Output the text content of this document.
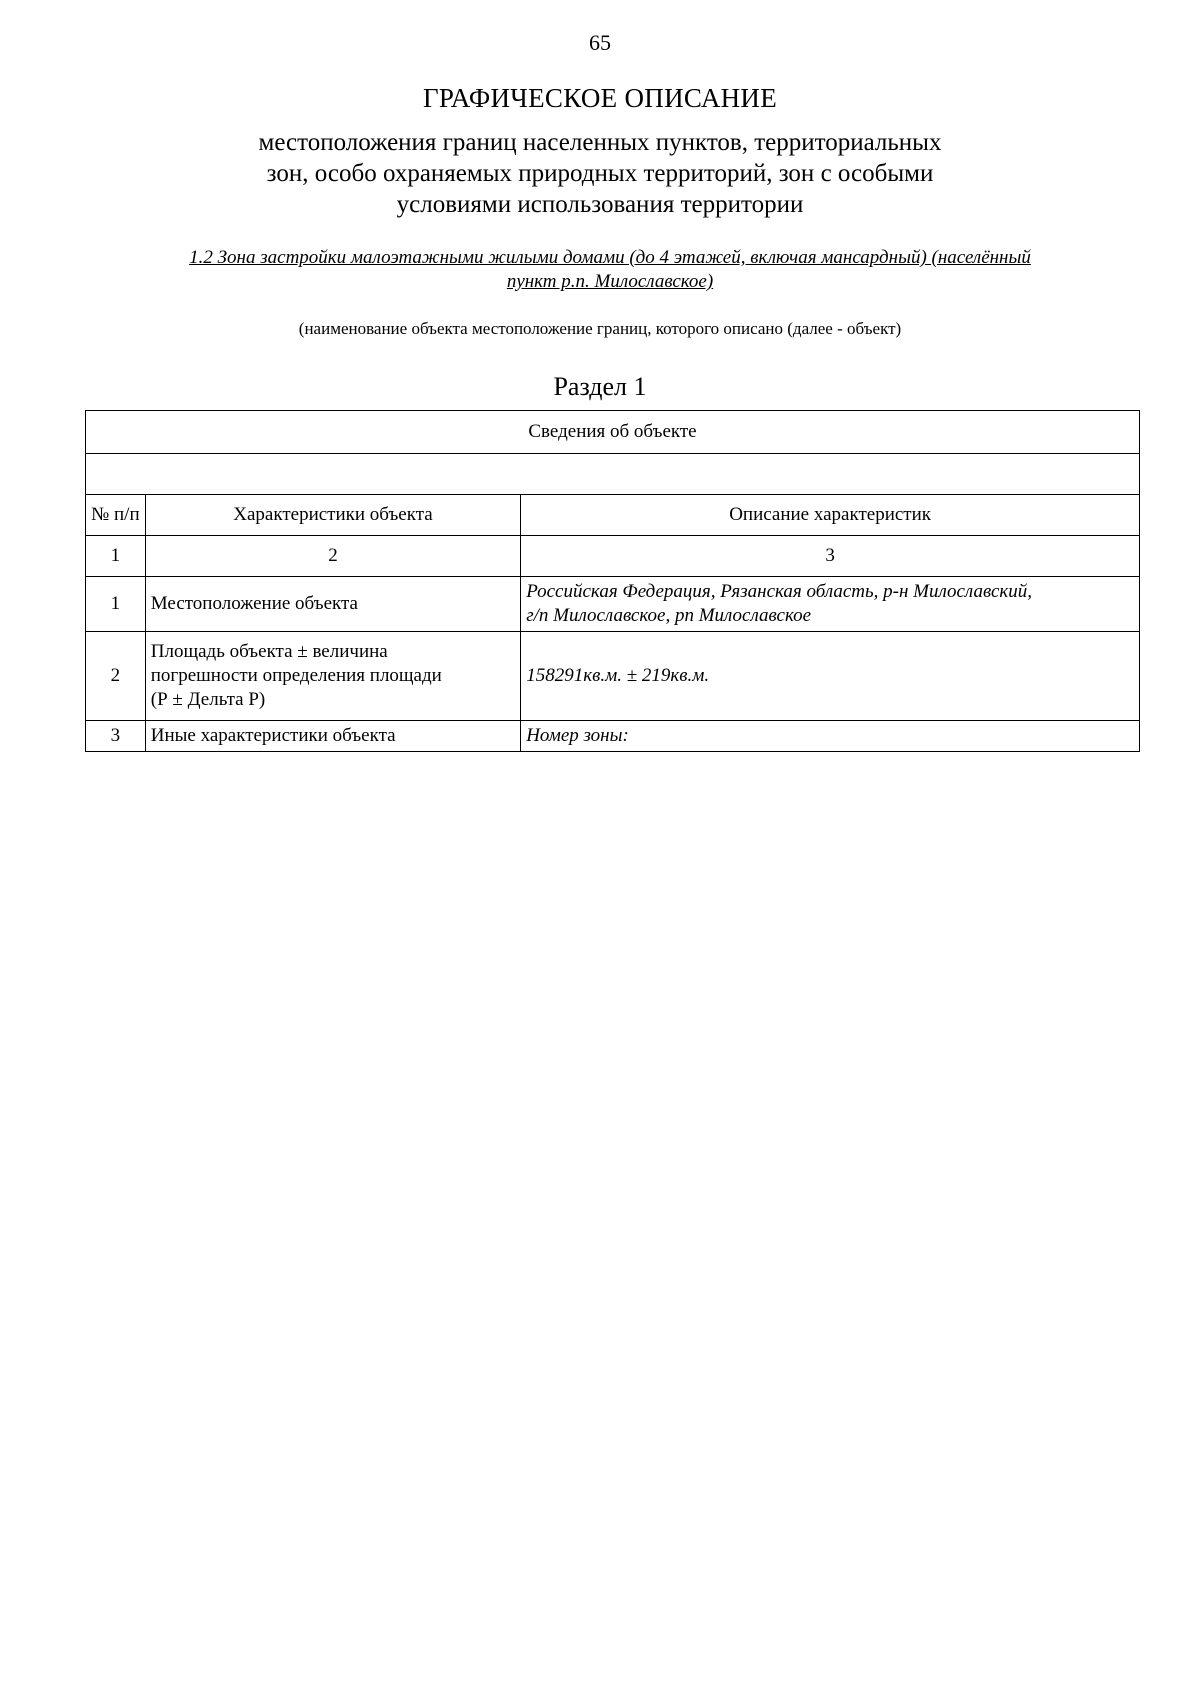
65
ГРАФИЧЕСКОЕ ОПИСАНИЕ
местоположения границ населенных пунктов, территориальных
зон, особо охраняемых природных территорий, зон с особыми
условиями использования территории
1.2 Зона застройки малоэтажными жилыми домами (до 4 этажей, включая мансардный) (населённый
пункт р.п. Милославское)
(наименование объекта местоположение границ, которого описано (далее - объект)
Раздел 1
Сведения об объекте		

№ п/п	Характеристики объекта	Описание характеристик
1	2	3
1	Местоположение объекта	Российская Федерация, Рязанская область, р-н Милославский,
г/п Милославское, рп Милославское

2	Площадь объекта ± величина
погрешности определения площади
(Р ± Дельта Р)	158291кв.м. ± 219кв.м.
3	Иные характеристики объекта	Номер зоны:
